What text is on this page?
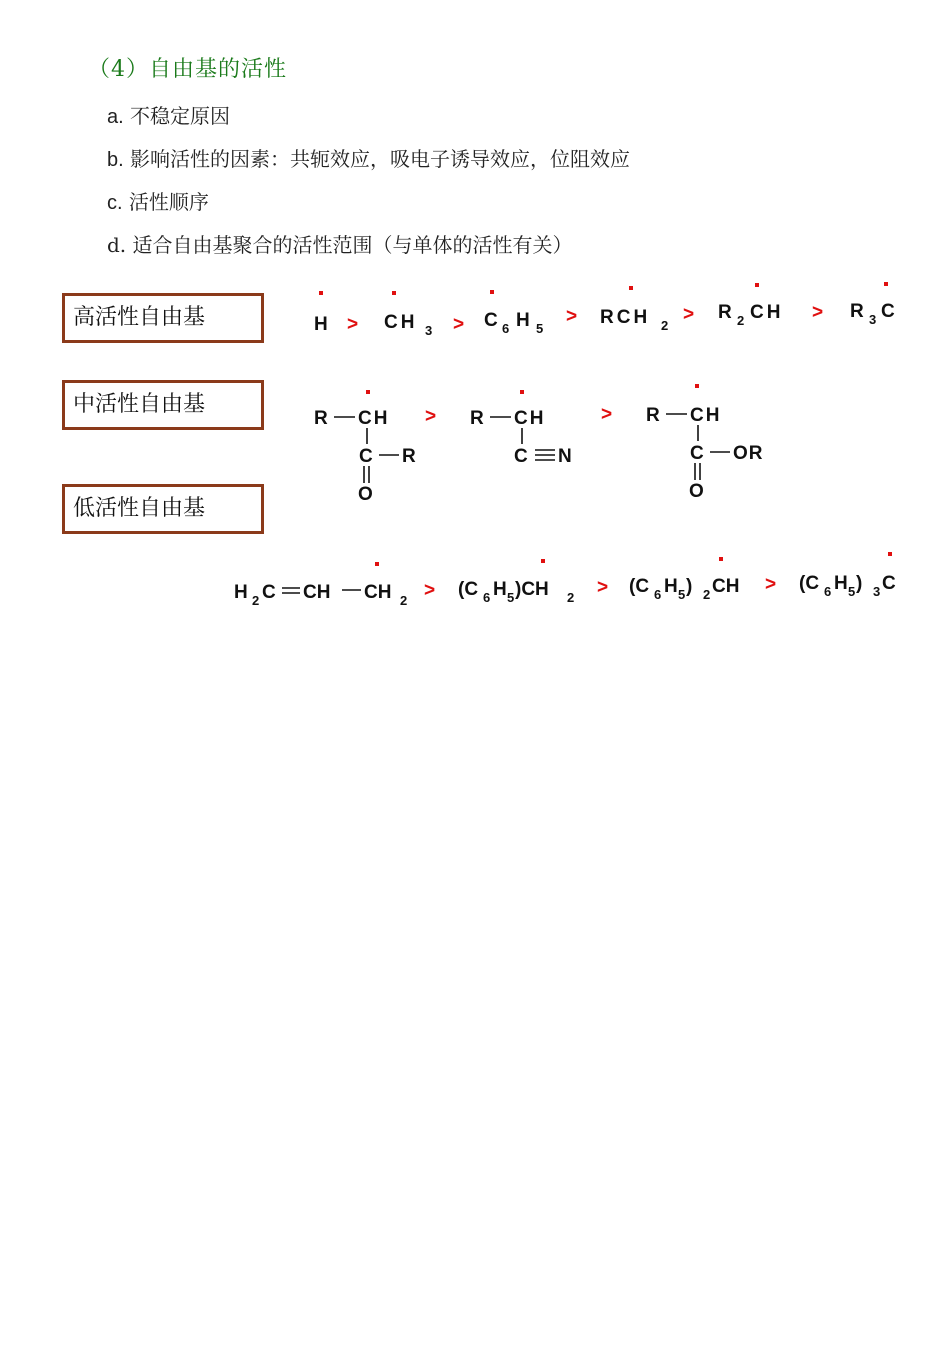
（4）自由基的活性
a. 不稳定原因
b. 影响活性的因素：共轭效应，吸电子诱导效应，位阻效应
c. 活性顺序
d. 适合自由基聚合的活性范围（与单体的活性有关）
高活性自由基
中活性自由基
低活性自由基
H > CH 3 > C 6 H 5
> RCH 2
> R 2 CH > R 3 C
R CH
C R
O
> R CH
C N
> R CH
C OR
O
H 2 C CH CH 2 > (C 6 H 5 )CH 2 > (C 6 H 5 ) 2 CH > (C 6 H 5 ) 3 C
